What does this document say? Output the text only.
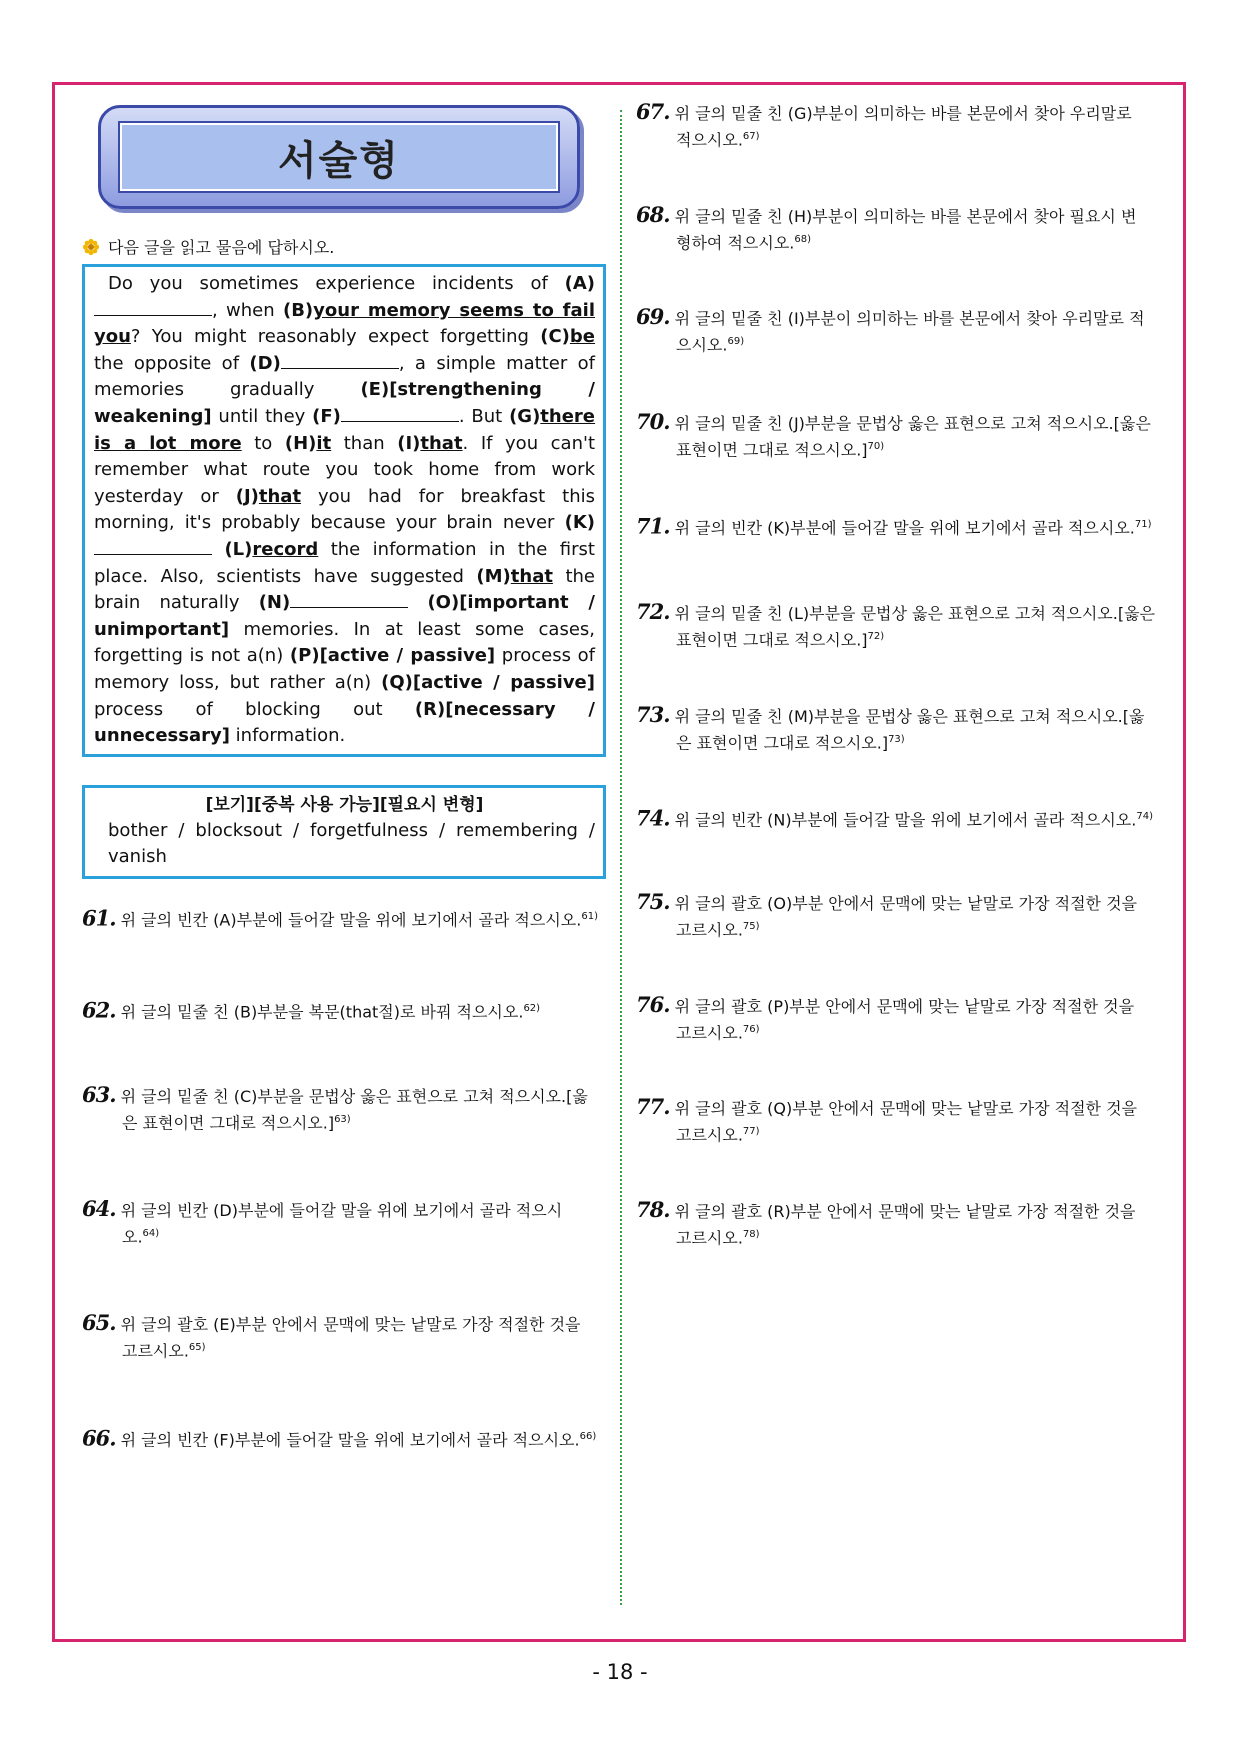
서술형
다음 글을 읽고 물음에 답하시오.
Do you sometimes experience incidents of (A), when (B)your memory seems to fail you? You might reasonably expect forgetting (C)be the opposite of (D)	, a simple matter of memories gradually (E)[strengthening / weakening] until they (F)	. But (G)there is a lot more to (H)it than (I)that. If you can't remember what route you took home from work yesterday or (J)that you had for breakfast this morning, it's probably because your brain never (K) (L)record the information in the first place. Also, scientists have suggested (M)that the brain naturally (N)	(O)[important / unimportant] memories. In at least some cases, forgetting is not a(n) (P)[active / passive] process of memory loss, but rather a(n) (Q)[active / passive] process of blocking out (R)[necessary / unnecessary] information.
[보기][중복 사용 가능][필요시 변형]
bother / blocksout / forgetfulness / remembering / vanish
61. 위 글의 빈칸 (A)부분에 들어갈 말을 위에 보기에서 골라 적으시오.$^{61)}$
62. 위 글의 밑줄 친 (B)부분을 복문(that절)로 바꿔 적으시오.$^{62)}$
63. 위 글의 밑줄 친 (C)부분을 문법상 옳은 표현으로 고쳐 적으시오.[옳
은 표현이면 그대로 적으시오.]$^{63)}$
64. 위 글의 빈칸 (D)부분에 들어갈 말을 위에 보기에서 골라 적으시
오.$^{64)}$
65. 위 글의 괄호 (E)부분 안에서 문맥에 맞는 낱말로 가장 적절한 것을
고르시오.$^{65)}$
66. 위 글의 빈칸 (F)부분에 들어갈 말을 위에 보기에서 골라 적으시오.$^{66)}$
67. 위 글의 밑줄 친 (G)부분이 의미하는 바를 본문에서 찾아 우리말로
적으시오.$^{67)}$
68. 위 글의 밑줄 친 (H)부분이 의미하는 바를 본문에서 찾아 필요시 변
형하여 적으시오.$^{68)}$
69. 위 글의 밑줄 친 (I)부분이 의미하는 바를 본문에서 찾아 우리말로 적
으시오.$^{69)}$
70. 위 글의 밑줄 친 (J)부분을 문법상 옳은 표현으로 고쳐 적으시오.[옳은
표현이면 그대로 적으시오.]$^{70)}$
71. 위 글의 빈칸 (K)부분에 들어갈 말을 위에 보기에서 골라 적으시오.$^{71)}$
72. 위 글의 밑줄 친 (L)부분을 문법상 옳은 표현으로 고쳐 적으시오.[옳은
표현이면 그대로 적으시오.]$^{72)}$
73. 위 글의 밑줄 친 (M)부분을 문법상 옳은 표현으로 고쳐 적으시오.[옳
은 표현이면 그대로 적으시오.]$^{73)}$
74. 위 글의 빈칸 (N)부분에 들어갈 말을 위에 보기에서 골라 적으시오.$^{74)}$
75. 위 글의 괄호 (O)부분 안에서 문맥에 맞는 낱말로 가장 적절한 것을
고르시오.$^{75)}$
76. 위 글의 괄호 (P)부분 안에서 문맥에 맞는 낱말로 가장 적절한 것을
고르시오.$^{76)}$
77. 위 글의 괄호 (Q)부분 안에서 문맥에 맞는 낱말로 가장 적절한 것을
고르시오.$^{77)}$
78. 위 글의 괄호 (R)부분 안에서 문맥에 맞는 낱말로 가장 적절한 것을
고르시오.$^{78)}$
- 18 -
